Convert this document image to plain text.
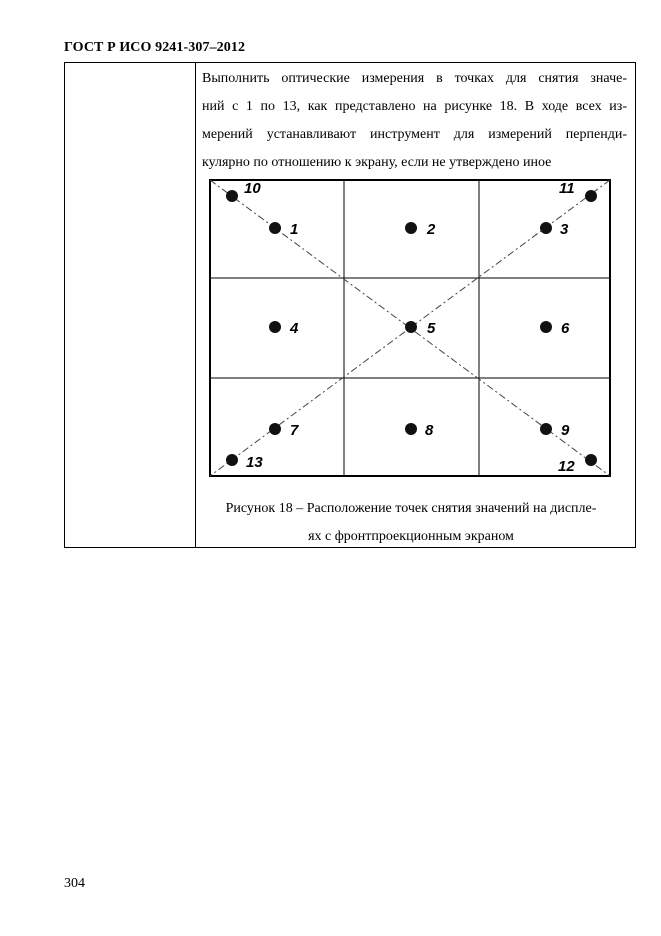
ГОСТ Р ИСО 9241-307–2012
Выполнить оптические измерения в точках для снятия значе-
ний с 1 по 13, как представлено на рисунке 18. В ходе всех из-
мерений устанавливают инструмент для измерений перпенди-
кулярно по отношению к экрану, если не утверждено иное
1	2	3
4	5	6
7	8	9
10	11
12
13
Рисунок 18 – Расположение точек снятия значений на диспле-
ях с фронтпроекционным экраном
304
